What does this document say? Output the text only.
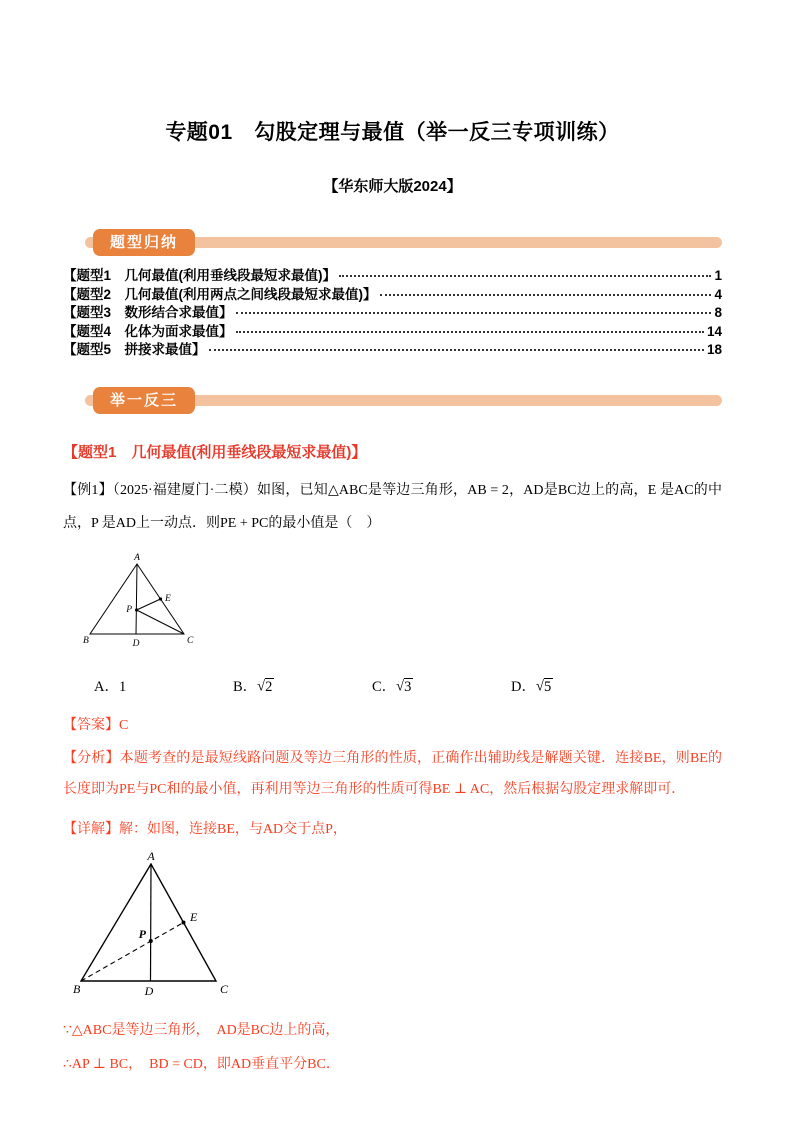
专题01　勾股定理与最值（举一反三专项训练）
【华东师大版2024】
题型归纳
【题型1　几何最值(利用垂线段最短求最值)】	1
【题型2　几何最值(利用两点之间线段最短求最值)】	4
【题型3　数形结合求最值】	8
【题型4　化体为面求最值】	14
【题型5　拼接求最值】	18
举一反三
【题型1　几何最值(利用垂线段最短求最值)】

【例1】（2025·福建厦门·二模）如图，已知△ABC是等边三角形，AB = 2，AD是BC边上的高，E 是AC的中点，P 是AD上一动点．则PE + PC的最小值是（　）

A
B	C
D
E
P
A．1	B．√2	C．√3	D．√5

【答案】C

【分析】本题考查的是最短线路问题及等边三角形的性质，正确作出辅助线是解题关键．连接BE，则BE的长度即为PE与PC和的最小值，再利用等边三角形的性质可得BE ⊥ AC，然后根据勾股定理求解即可．

【详解】解：如图，连接BE，与AD交于点P，

A
B	C
D
E
P

∵△ABC是等边三角形，　AD是BC边上的高，

∴AP ⊥ BC，　BD = CD，即AD垂直平分BC．
